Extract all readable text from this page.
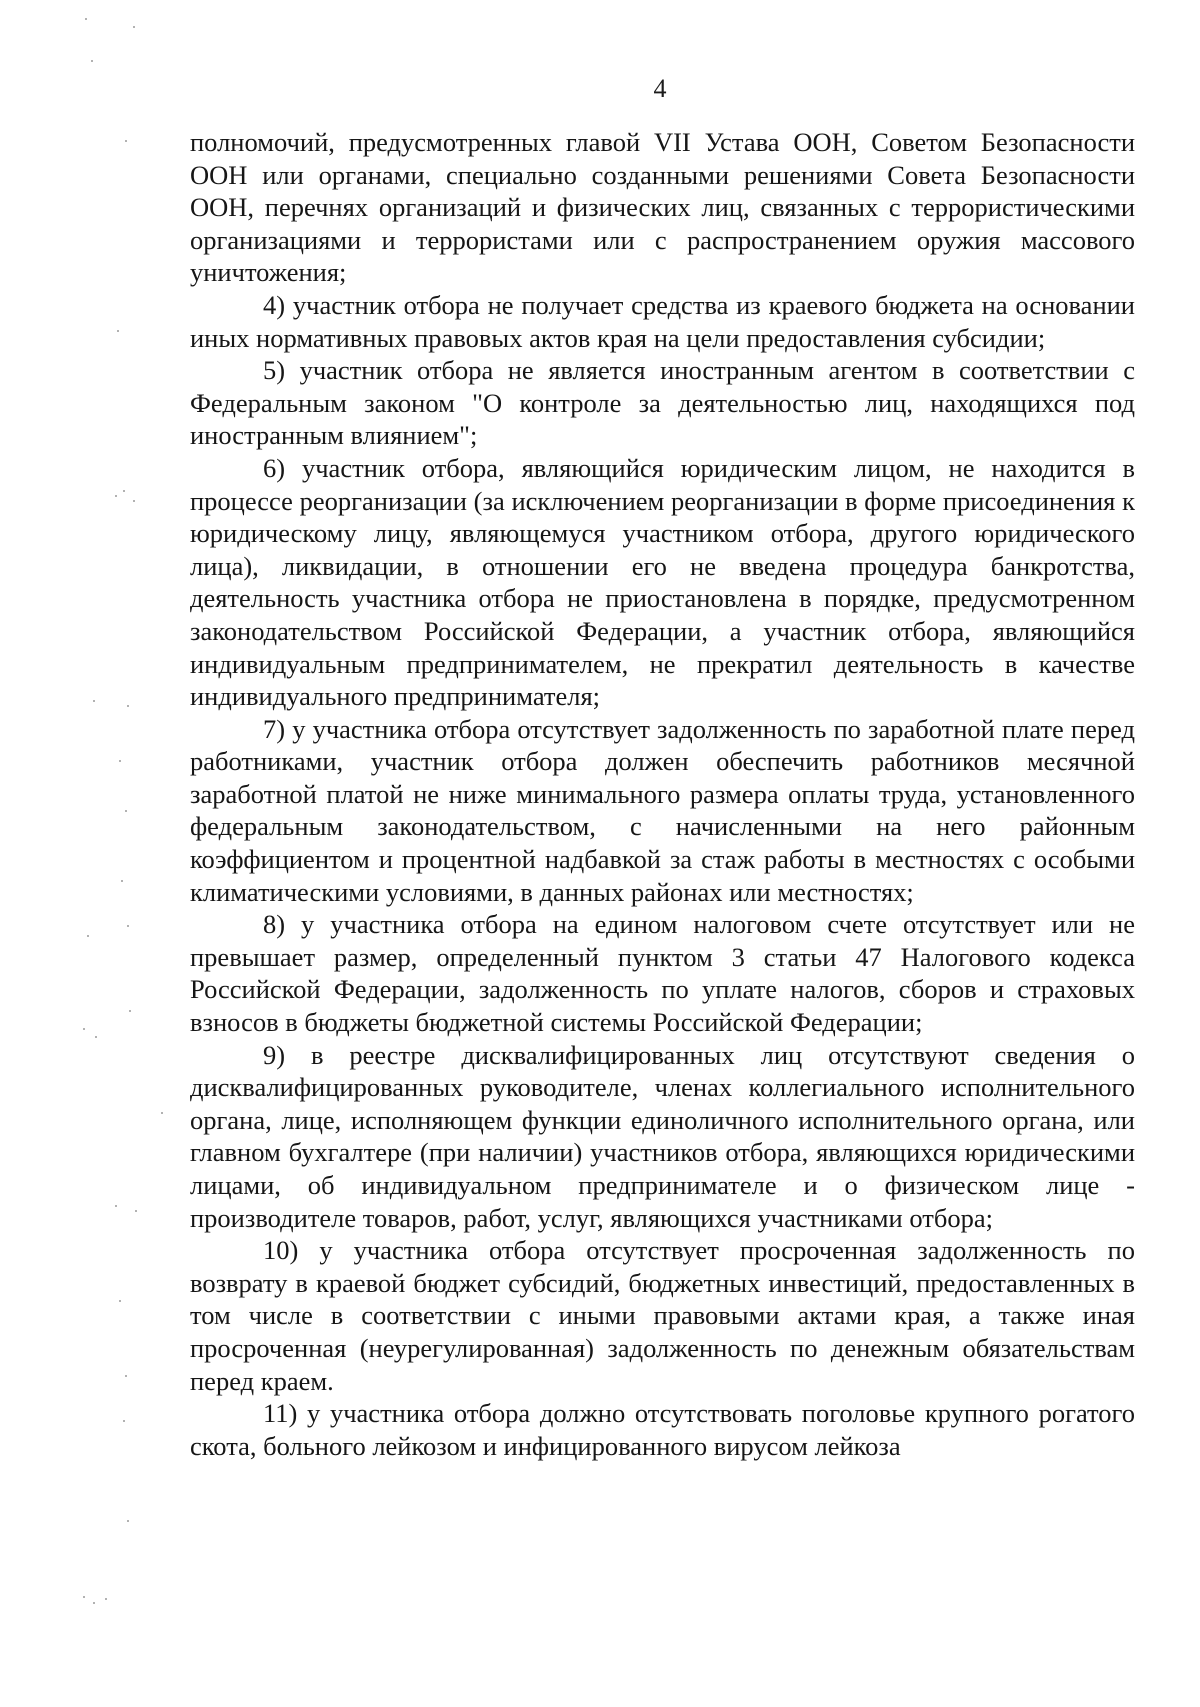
4

полномочий, предусмотренных главой VII Устава ООН, Советом Безопасности ООН или органами, специально созданными решениями Совета Безопасности ООН, перечнях организаций и физических лиц, связанных с террористическими организациями и террористами или с распространением оружия массового уничтожения;

4) участник отбора не получает средства из краевого бюджета на основании иных нормативных правовых актов края на цели предоставления субсидии;

5) участник отбора не является иностранным агентом в соответствии с Федеральным законом "О контроле за деятельностью лиц, находящихся под иностранным влиянием";

6) участник отбора, являющийся юридическим лицом, не находится в процессе реорганизации (за исключением реорганизации в форме присоединения к юридическому лицу, являющемуся участником отбора, другого юридического лица), ликвидации, в отношении его не введена процедура банкротства, деятельность участника отбора не приостановлена в порядке, предусмотренном законодательством Российской Федерации, а участник отбора, являющийся индивидуальным предпринимателем, не прекратил деятельность в качестве индивидуального предпринимателя;

7) у участника отбора отсутствует задолженность по заработной плате перед работниками, участник отбора должен обеспечить работников месячной заработной платой не ниже минимального размера оплаты труда, установленного федеральным законодательством, с начисленными на него районным коэффициентом и процентной надбавкой за стаж работы в местностях с особыми климатическими условиями, в данных районах или местностях;

8) у участника отбора на едином налоговом счете отсутствует или не превышает размер, определенный пунктом 3 статьи 47 Налогового кодекса Российской Федерации, задолженность по уплате налогов, сборов и страховых взносов в бюджеты бюджетной системы Российской Федерации;

9) в реестре дисквалифицированных лиц отсутствуют сведения о дисквалифицированных руководителе, членах коллегиального исполнительного органа, лице, исполняющем функции единоличного исполнительного органа, или главном бухгалтере (при наличии) участников отбора, являющихся юридическими лицами, об индивидуальном предпринимателе и о физическом лице - производителе товаров, работ, услуг, являющихся участниками отбора;

10) у участника отбора отсутствует просроченная задолженность по возврату в краевой бюджет субсидий, бюджетных инвестиций, предоставленных в том числе в соответствии с иными правовыми актами края, а также иная просроченная (неурегулированная) задолженность по денежным обязательствам перед краем.

11) у участника отбора должно отсутствовать поголовье крупного рогатого скота, больного лейкозом и инфицированного вирусом лейкоза
